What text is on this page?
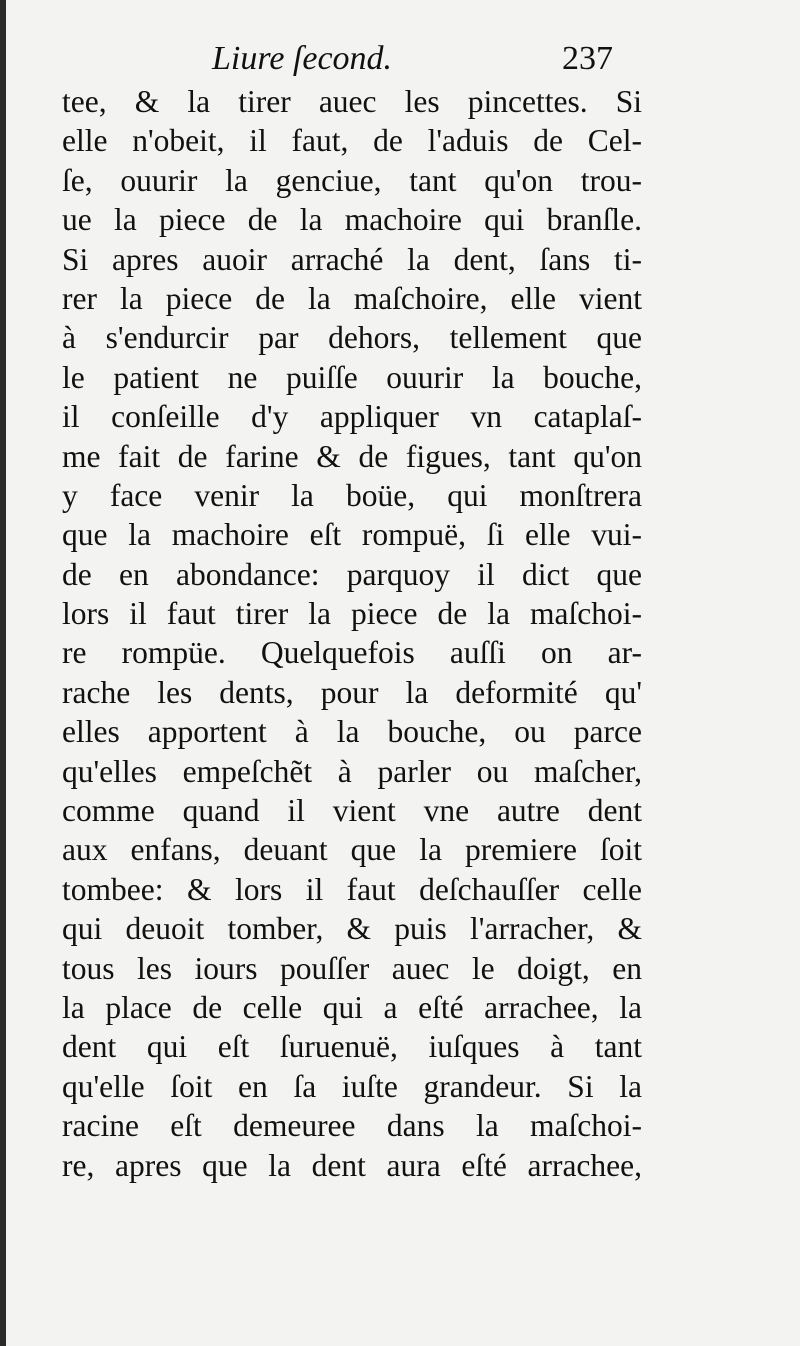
Liure ſecond.	237
tee, & la tirer auec les pincettes. Si
elle n'obeit, il faut, de l'aduis de Cel-
ſe, ouurir la genciue, tant qu'on trou-
ue la piece de la machoire qui branſle.
Si apres auoir arraché la dent, ſans ti-
rer la piece de la maſchoire, elle vient
à s'endurcir par dehors, tellement que
le patient ne puiſſe ouurir la bouche,
il conſeille d'y appliquer vn cataplaſ-
me fait de farine & de figues, tant qu'on
y face venir la boüe, qui monſtrera
que la machoire eſt rompuë, ſi elle vui-
de en abondance: parquoy il dict que
lors il faut tirer la piece de la maſchoi-
re rompüe. Quelquefois auſſi on ar-
rache les dents, pour la deformité qu'
elles apportent à la bouche, ou parce
qu'elles empeſchẽt à parler ou maſcher,
comme quand il vient vne autre dent
aux enfans, deuant que la premiere ſoit
tombee: & lors il faut deſchauſſer celle
qui deuoit tomber, & puis l'arracher, &
tous les iours pouſſer auec le doigt, en
la place de celle qui a eſté arrachee, la
dent qui eſt ſuruenuë, iuſques à tant
qu'elle ſoit en ſa iuſte grandeur. Si la
racine eſt demeuree dans la maſchoi-
re, apres que la dent aura eſté arrachee,
